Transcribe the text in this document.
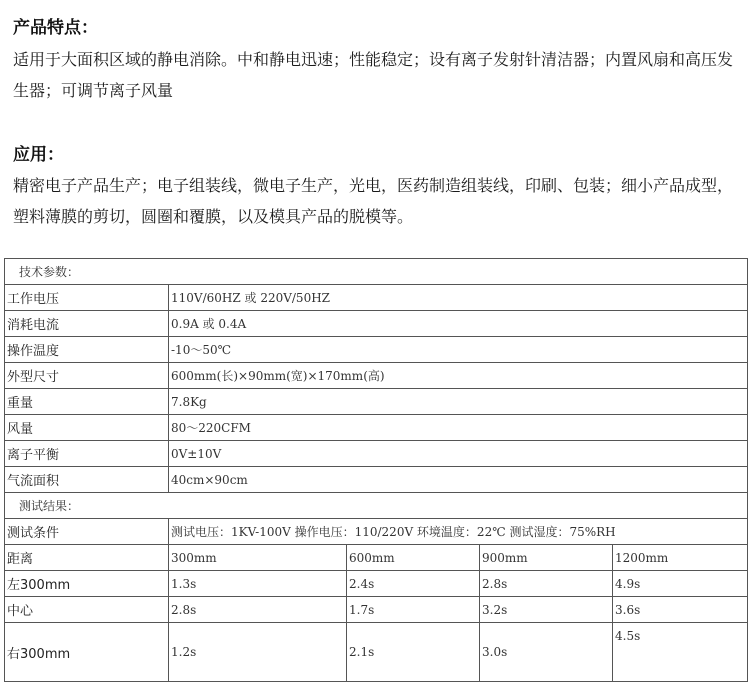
产品特点：
适用于大面积区域的静电消除。中和静电迅速；性能稳定；设有离子发射针清洁器；内置风扇和高压发生器；可调节离子风量
应用：
精密电子产品生产；电子组装线，微电子生产，光电，医药制造组装线，印刷、包装；细小产品成型，塑料薄膜的剪切，圆圈和覆膜，以及模具产品的脱模等。
技术参数：				
工作电压	110V/60HZ 或 220V/50HZ			
消耗电流	0.9A 或 0.4A			
操作温度	-10～50℃			
外型尺寸	600mm(长)×90mm(宽)×170mm(高)			
重量	7.8Kg			
风量	80～220CFM			
离子平衡	0V±10V			
气流面积	40cm×90cm			
测试结果：				
测试条件	测试电压：1KV-100V 操作电压：110/220V 环境温度：22℃ 测试湿度：75%RH			
距离	300mm	600mm	900mm	1200mm
左300mm	1.3s	2.4s	2.8s	4.9s
中心	2.8s	1.7s	3.2s	3.6s
右300mm	1.2s	2.1s	3.0s	4.5s
